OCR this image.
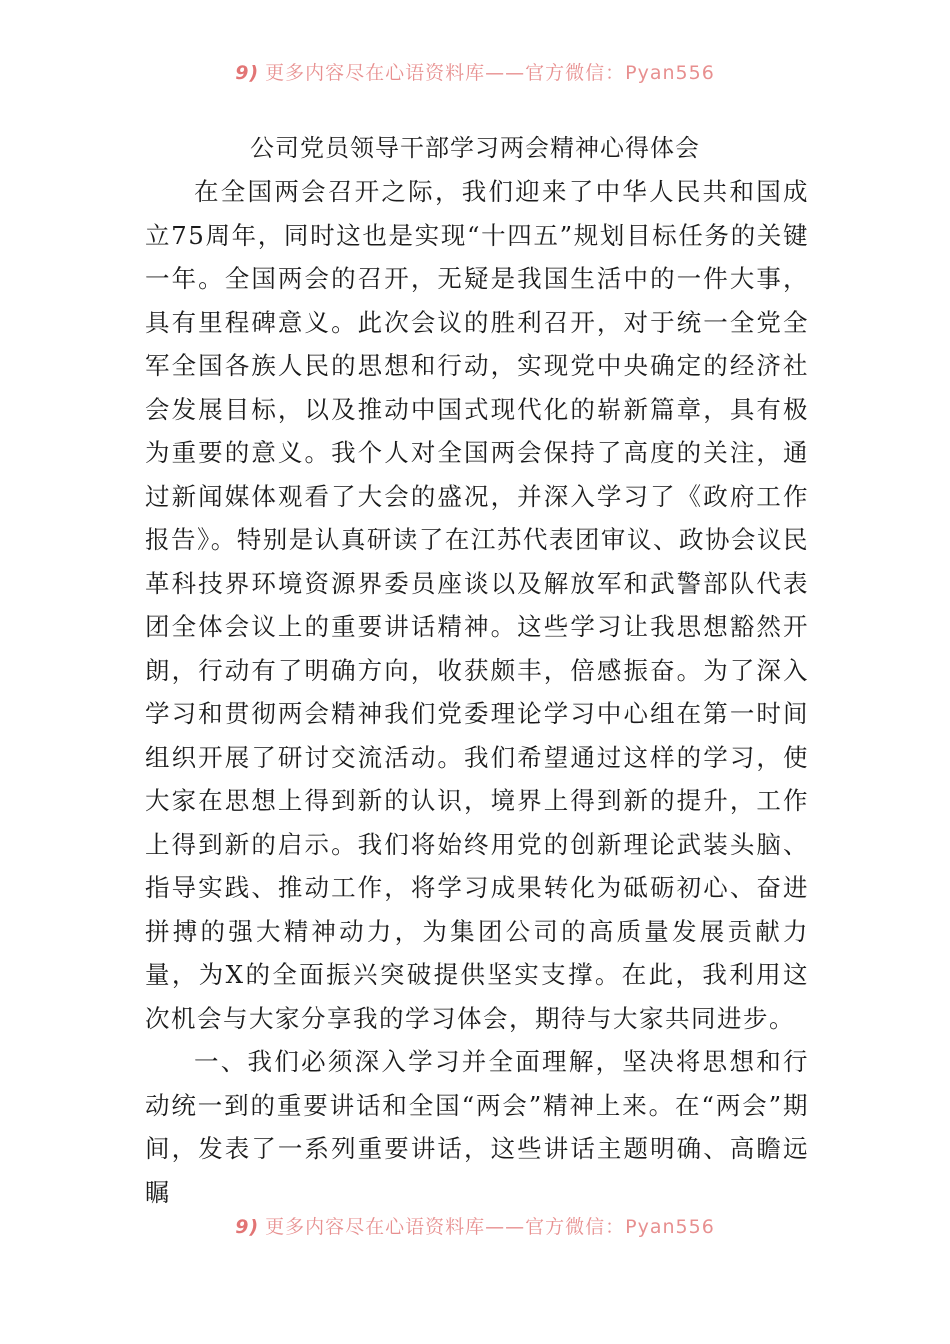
9) 更多内容尽在心语资料库——官方微信：Pyan556
公司党员领导干部学习两会精神心得体会

在全国两会召开之际，我们迎来了中华人民共和国成立75周年，同时这也是实现“十四五”规划目标任务的关键一年。全国两会的召开，无疑是我国生活中的一件大事，具有里程碑意义。此次会议的胜利召开，对于统一全党全军全国各族人民的思想和行动，实现党中央确定的经济社会发展目标，以及推动中国式现代化的崭新篇章，具有极为重要的意义。我个人对全国两会保持了高度的关注，通过新闻媒体观看了大会的盛况，并深入学习了《政府工作报告》。特别是认真研读了在江苏代表团审议、政协会议民革科技界环境资源界委员座谈以及解放军和武警部队代表团全体会议上的重要讲话精神。这些学习让我思想豁然开朗，行动有了明确方向，收获颇丰，倍感振奋。为了深入学习和贯彻两会精神我们党委理论学习中心组在第一时间组织开展了研讨交流活动。我们希望通过这样的学习，使大家在思想上得到新的认识，境界上得到新的提升，工作上得到新的启示。我们将始终用党的创新理论武装头脑、指导实践、推动工作，将学习成果转化为砥砺初心、奋进拼搏的强大精神动力，为集团公司的高质量发展贡献力量，为X的全面振兴突破提供坚实支撑。在此，我利用这次机会与大家分享我的学习体会，期待与大家共同进步。

一、我们必须深入学习并全面理解，坚决将思想和行动统一到的重要讲话和全国“两会”精神上来。在“两会”期间，发表了一系列重要讲话，这些讲话主题明确、高瞻远瞩

9) 更多内容尽在心语资料库——官方微信：Pyan556
